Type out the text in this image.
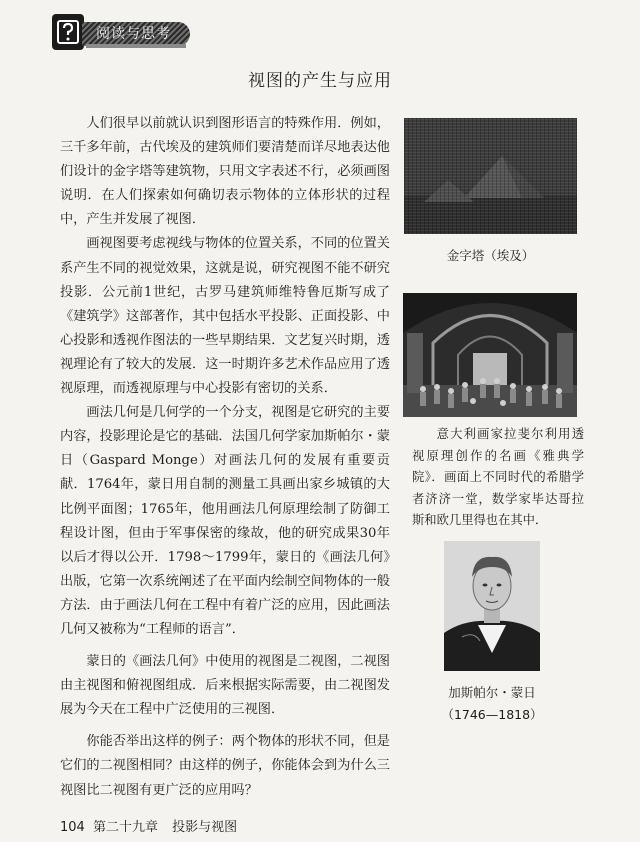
阅读与思考
视图的产生与应用

人们很早以前就认识到图形语言的特殊作用．例如，三千多年前，古代埃及的建筑师们要清楚而详尽地表达他们设计的金字塔等建筑物，只用文字表述不行，必须画图说明．在人们探索如何确切表示物体的立体形状的过程中，产生并发展了视图．

画视图要考虑视线与物体的位置关系，不同的位置关系产生不同的视觉效果，这就是说，研究视图不能不研究投影．公元前1世纪，古罗马建筑师维特鲁厄斯写成了《建筑学》这部著作，其中包括水平投影、正面投影、中心投影和透视作图法的一些早期结果．文艺复兴时期，透视理论有了较大的发展．这一时期许多艺术作品应用了透视原理，而透视原理与中心投影有密切的关系．

画法几何是几何学的一个分支，视图是它研究的主要内容，投影理论是它的基础．法国几何学家加斯帕尔・蒙日（Gaspard Monge）对画法几何的发展有重要贡献．1764年，蒙日用自制的测量工具画出家乡城镇的大比例平面图；1765年，他用画法几何原理绘制了防御工程设计图，但由于军事保密的缘故，他的研究成果30年以后才得以公开．1798～1799年，蒙日的《画法几何》出版，它第一次系统阐述了在平面内绘制空间物体的一般方法．由于画法几何在工程中有着广泛的应用，因此画法几何又被称为“工程师的语言”．

蒙日的《画法几何》中使用的视图是二视图，二视图由主视图和俯视图组成．后来根据实际需要，由二视图发展为今天在工程中广泛使用的三视图．

你能否举出这样的例子：两个物体的形状不同，但是它们的二视图相同？由这样的例子，你能体会到为什么三视图比二视图有更广泛的应用吗？

金字塔（埃及）
意大利画家拉斐尔利用透视原理创作的名画《雅典学院》．画面上不同时代的希腊学者济济一堂，数学家毕达哥拉斯和欧几里得也在其中．
加斯帕尔・蒙日
（1746—1818）
104 第二十九章 投影与视图
